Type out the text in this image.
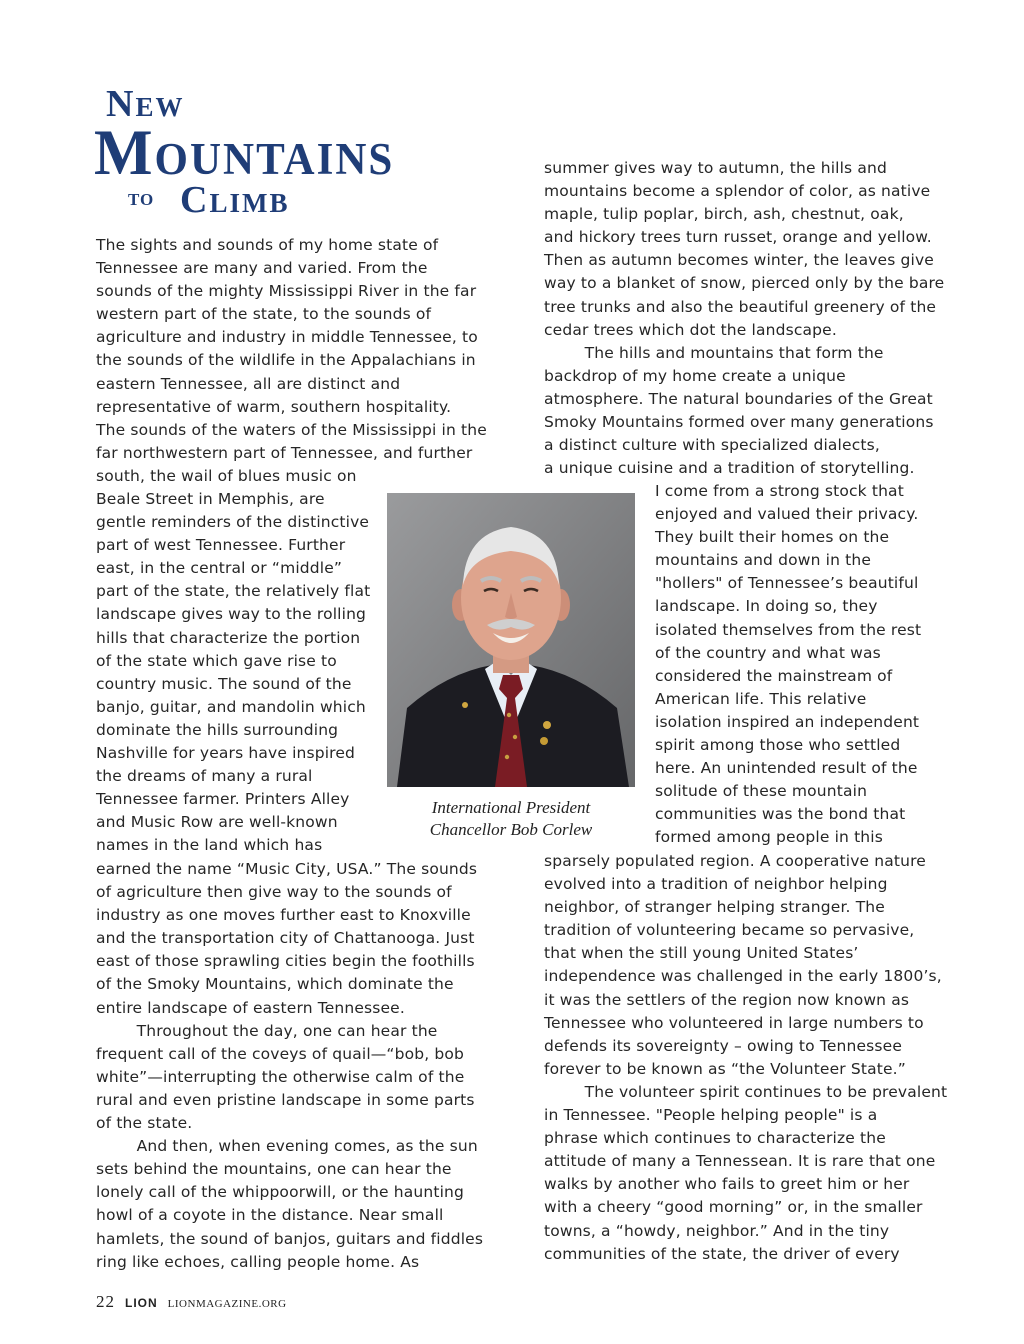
New
Mountains
to Climb
The sights and sounds of my home state of
Tennessee are many and varied. From the
sounds of the mighty Mississippi River in the far
western part of the state, to the sounds of
agriculture and industry in middle Tennessee, to
the sounds of the wildlife in the Appalachians in
eastern Tennessee, all are distinct and
representative of warm, southern hospitality.
The sounds of the waters of the Mississippi in the
far northwestern part of Tennessee, and further
south, the wail of blues music on
Beale Street in Memphis, are
gentle reminders of the distinctive
part of west Tennessee. Further
east, in the central or “middle”
part of the state, the relatively flat
landscape gives way to the rolling
hills that characterize the portion
of the state which gave rise to
country music. The sound of the
banjo, guitar, and mandolin which
dominate the hills surrounding
Nashville for years have inspired
the dreams of many a rural
Tennessee farmer. Printers Alley
and Music Row are well-known
names in the land which has
earned the name “Music City, USA.” The sounds
of agriculture then give way to the sounds of
industry as one moves further east to Knoxville
and the transportation city of Chattanooga. Just
east of those sprawling cities begin the foothills
of the Smoky Mountains, which dominate the
entire landscape of eastern Tennessee.
Throughout the day, one can hear the
frequent call of the coveys of quail—“bob, bob
white”—interrupting the otherwise calm of the
rural and even pristine landscape in some parts
of the state.
And then, when evening comes, as the sun
sets behind the mountains, one can hear the
lonely call of the whippoorwill, or the haunting
howl of a coyote in the distance. Near small
hamlets, the sound of banjos, guitars and fiddles
ring like echoes, calling people home. As
summer gives way to autumn, the hills and
mountains become a splendor of color, as native
maple, tulip poplar, birch, ash, chestnut, oak,
and hickory trees turn russet, orange and yellow.
Then as autumn becomes winter, the leaves give
way to a blanket of snow, pierced only by the bare
tree trunks and also the beautiful greenery of the
cedar trees which dot the landscape.
The hills and mountains that form the
backdrop of my home create a unique
atmosphere. The natural boundaries of the Great
Smoky Mountains formed over many generations
a distinct culture with specialized dialects,
a unique cuisine and a tradition of storytelling.
I come from a strong stock that
enjoyed and valued their privacy.
They built their homes on the
mountains and down in the
"hollers" of Tennessee’s beautiful
landscape. In doing so, they
isolated themselves from the rest
of the country and what was
considered the mainstream of
American life. This relative
isolation inspired an independent
spirit among those who settled
here. An unintended result of the
solitude of these mountain
communities was the bond that
formed among people in this
sparsely populated region. A cooperative nature
evolved into a tradition of neighbor helping
neighbor, of stranger helping stranger. The
tradition of volunteering became so pervasive,
that when the still young United States’
independence was challenged in the early 1800’s,
it was the settlers of the region now known as
Tennessee who volunteered in large numbers to
defends its sovereignty – owing to Tennessee
forever to be known as “the Volunteer State.”
The volunteer spirit continues to be prevalent
in Tennessee. "People helping people" is a
phrase which continues to characterize the
attitude of many a Tennessean. It is rare that one
walks by another who fails to greet him or her
with a cheery “good morning” or, in the smaller
towns, a “howdy, neighbor.” And in the tiny
communities of the state, the driver of every
International President
Chancellor Bob Corlew
22 LION LIONMAGAZINE.ORG
